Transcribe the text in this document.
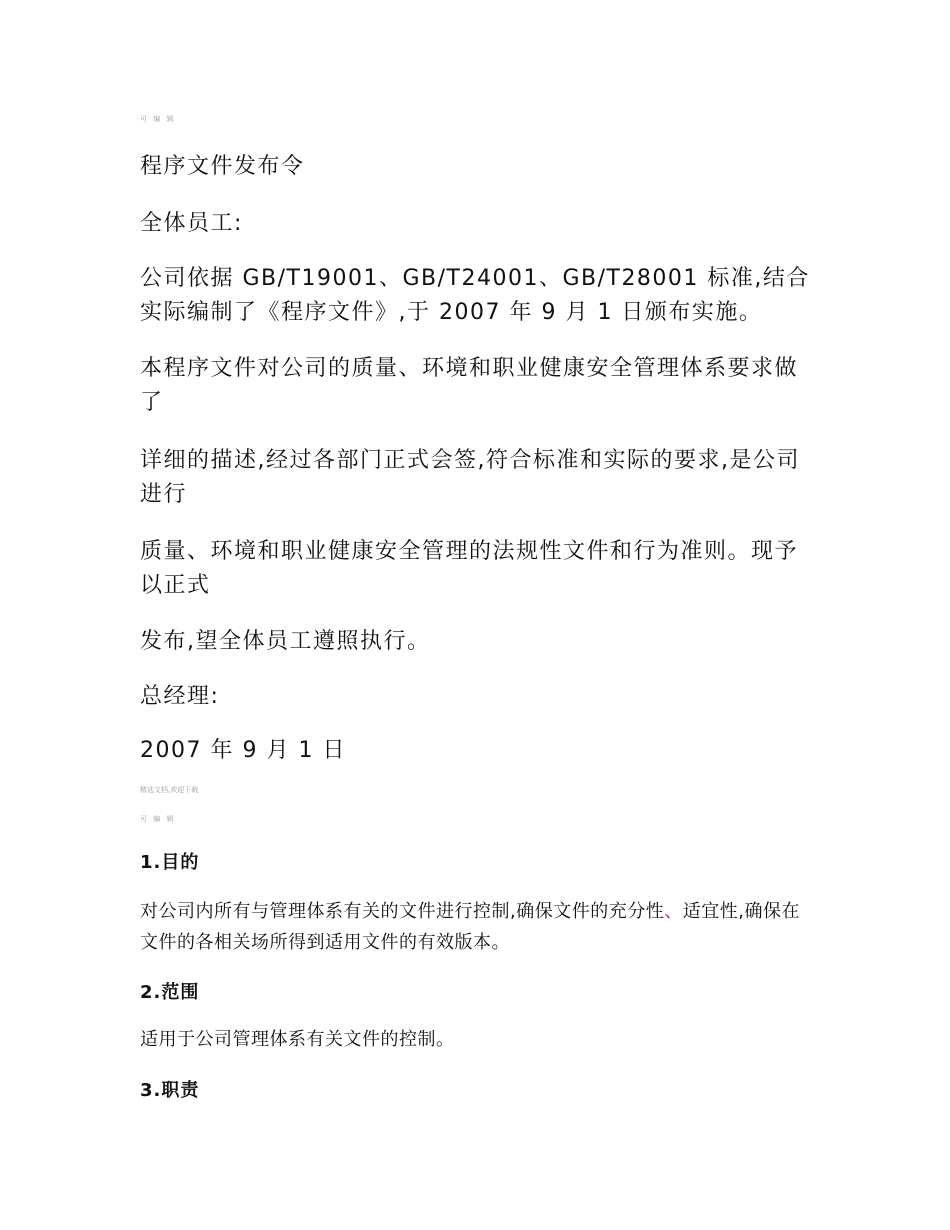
可 编 辑
程序文件发布令

全体员工:

公司依据 GB/T19001、GB/T24001、GB/T28001 标准,结合实际编制了《程序文件》,于 2007 年 9 月 1 日颁布实施。

本程序文件对公司的质量、环境和职业健康安全管理体系要求做了

详细的描述,经过各部门正式会签,符合标准和实际的要求,是公司进行

质量、环境和职业健康安全管理的法规性文件和行为准则。现予以正式

发布,望全体员工遵照执行。

总经理:

2007 年 9 月 1 日

精选文档,欢迎下载
可 编 辑
1.目的

对公司内所有与管理体系有关的文件进行控制,确保文件的充分性、适宜性,确保在文件的各相关场所得到适用文件的有效版本。

2.范围

适用于公司管理体系有关文件的控制。

3.职责
